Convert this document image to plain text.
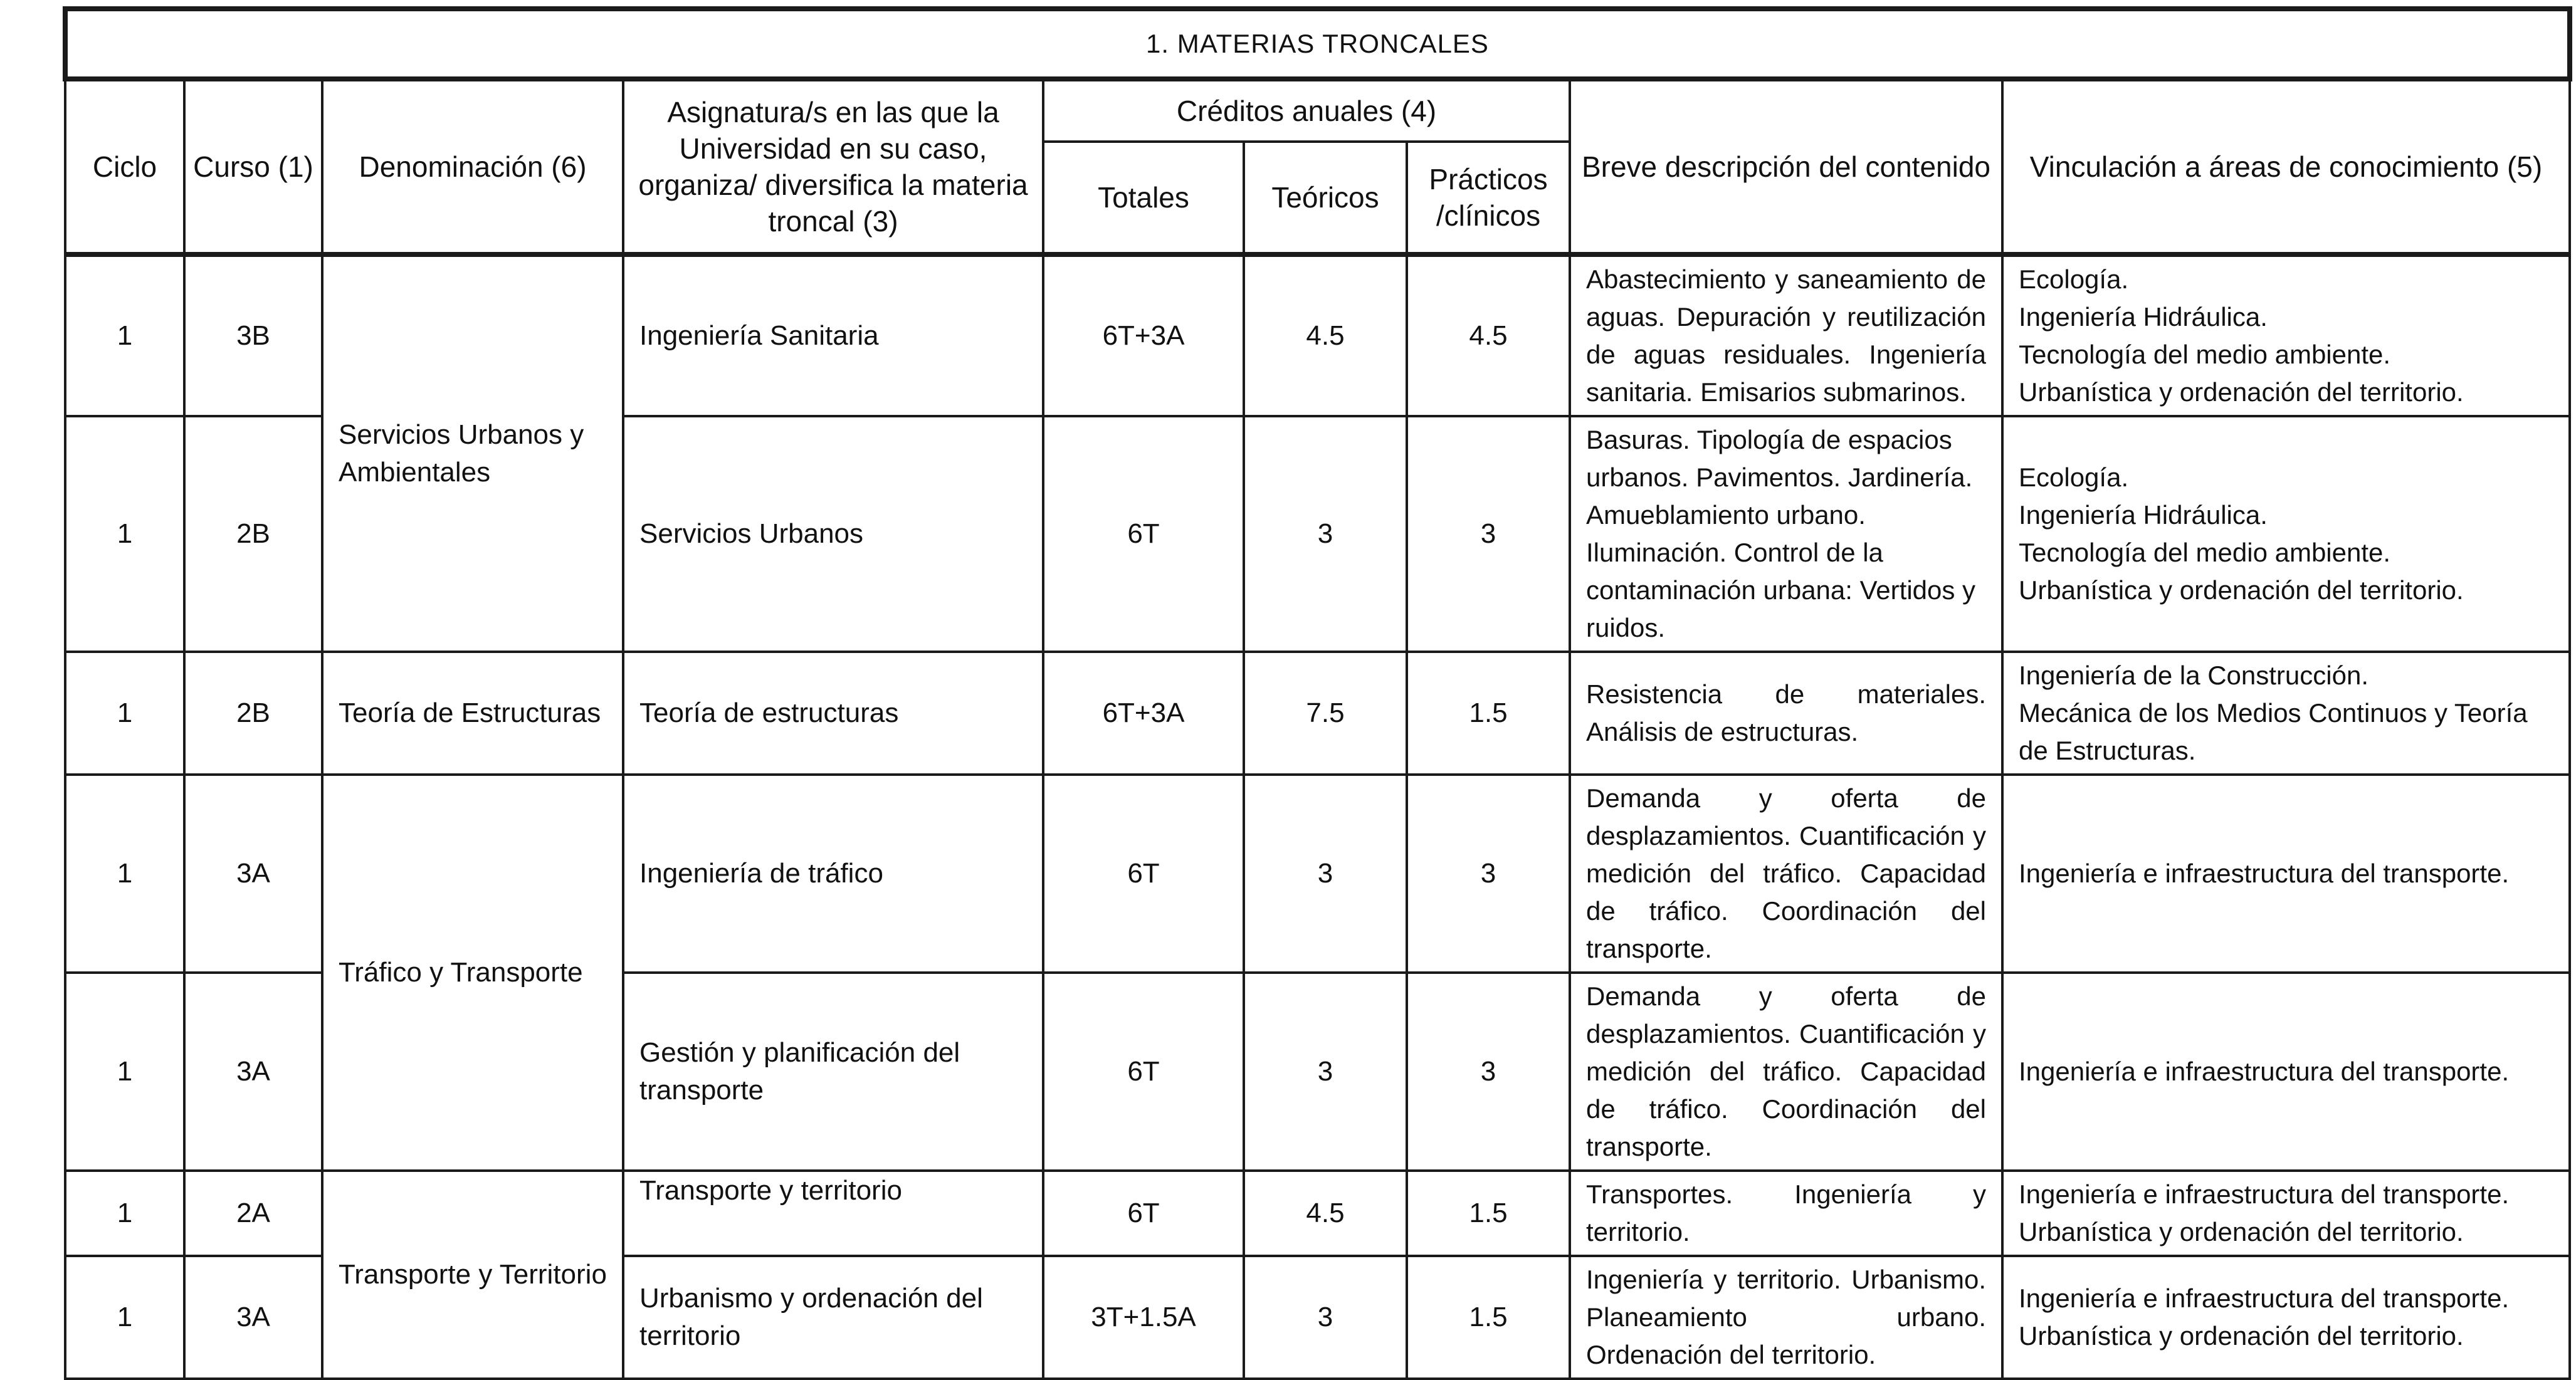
1. MATERIAS TRONCALES								
Ciclo	Curso (1)	Denominación (6)	Asignatura/s en las que la Universidad en su caso, organiza/ diversifica la materia troncal (3)	Créditos anuales (4)			Breve descripción del contenido	Vinculación a áreas de conocimiento (5)
				Totales	Teóricos	Prácticos /clínicos		
1	3B	Servicios Urbanos y Ambientales	Ingeniería Sanitaria	6T+3A	4.5	4.5	Abastecimiento y saneamiento de aguas. Depuración y reutilización de aguas residuales. Ingeniería sanitaria. Emisarios submarinos.	Ecología.
Ingeniería Hidráulica.
Tecnología del medio ambiente.
Urbanística y ordenación del territorio.

1	2B		Servicios Urbanos	6T	3	3	Basuras. Tipología de espacios urbanos. Pavimentos. Jardinería. Amueblamiento urbano. Iluminación. Control de la contaminación urbana: Vertidos y ruidos.	Ecología.
Ingeniería Hidráulica.
Tecnología del medio ambiente.
Urbanística y ordenación del territorio.

1	2B	Teoría de Estructuras	Teoría de estructuras	6T+3A	7.5	1.5	Resistencia de materiales. Análisis de estructuras.	Ingeniería de la Construcción.
Mecánica de los Medios Continuos y Teoría de Estructuras.

1	3A	Tráfico y Transporte	Ingeniería de tráfico	6T	3	3	Demanda y oferta de desplazamientos. Cuantificación y medición del tráfico. Capacidad de tráfico. Coordinación del transporte.	Ingeniería e infraestructura del transporte.

1	3A		Gestión y planificación del transporte	6T	3	3	Demanda y oferta de desplazamientos. Cuantificación y medición del tráfico. Capacidad de tráfico. Coordinación del transporte.	Ingeniería e infraestructura del transporte.

1	2A	Transporte y Territorio	Transporte y territorio	6T	4.5	1.5	Transportes. Ingeniería y territorio.	Ingeniería e infraestructura del transporte.
Urbanística y ordenación del territorio.

1	3A		Urbanismo y ordenación del territorio	3T+1.5A	3	1.5	Ingeniería y territorio. Urbanismo. Planeamiento urbano. Ordenación del territorio.	Ingeniería e infraestructura del transporte.
Urbanística y ordenación del territorio.
